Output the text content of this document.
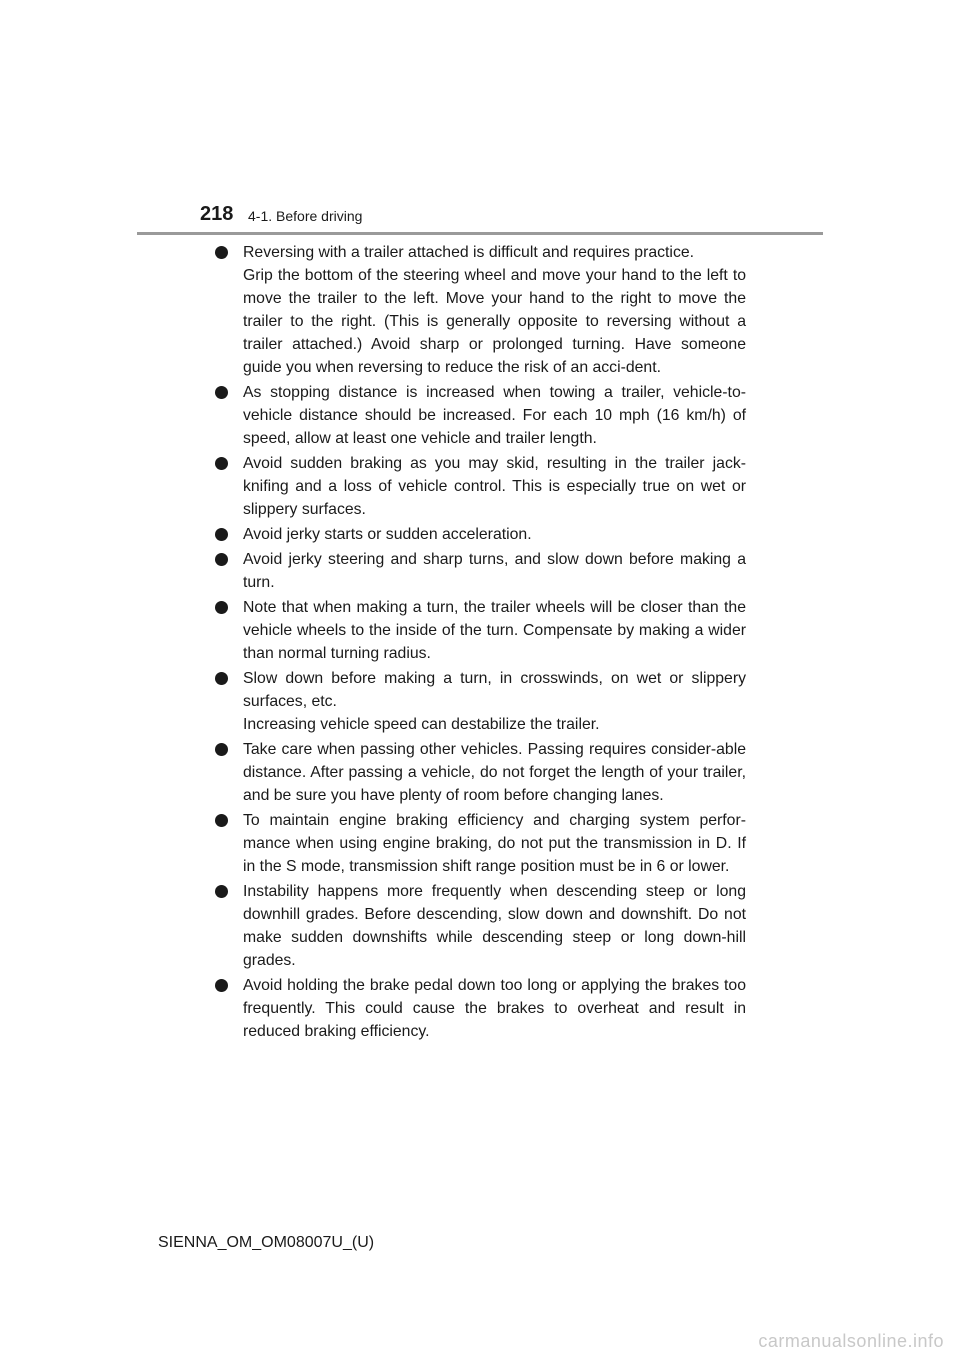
218 4-1. Before driving
Reversing with a trailer attached is difficult and requires practice.
Grip the bottom of the steering wheel and move your hand to the left to move the trailer to the left. Move your hand to the right to move the trailer to the right. (This is generally opposite to reversing without a trailer attached.) Avoid sharp or prolonged turning. Have someone guide you when reversing to reduce the risk of an acci-dent.
As stopping distance is increased when towing a trailer, vehicle-to-vehicle distance should be increased. For each 10 mph (16 km/h) of speed, allow at least one vehicle and trailer length.
Avoid sudden braking as you may skid, resulting in the trailer jack-knifing and a loss of vehicle control. This is especially true on wet or slippery surfaces.
Avoid jerky starts or sudden acceleration.
Avoid jerky steering and sharp turns, and slow down before making a turn.
Note that when making a turn, the trailer wheels will be closer than the vehicle wheels to the inside of the turn. Compensate by making a wider than normal turning radius.
Slow down before making a turn, in crosswinds, on wet or slippery surfaces, etc.
Increasing vehicle speed can destabilize the trailer.
Take care when passing other vehicles. Passing requires consider-able distance. After passing a vehicle, do not forget the length of your trailer, and be sure you have plenty of room before changing lanes.
To maintain engine braking efficiency and charging system perfor-mance when using engine braking, do not put the transmission in D. If in the S mode, transmission shift range position must be in 6 or lower.
Instability happens more frequently when descending steep or long downhill grades. Before descending, slow down and downshift. Do not make sudden downshifts while descending steep or long down-hill grades.
Avoid holding the brake pedal down too long or applying the brakes too frequently. This could cause the brakes to overheat and result in reduced braking efficiency.
SIENNA_OM_OM08007U_(U)
carmanualsonline.info
